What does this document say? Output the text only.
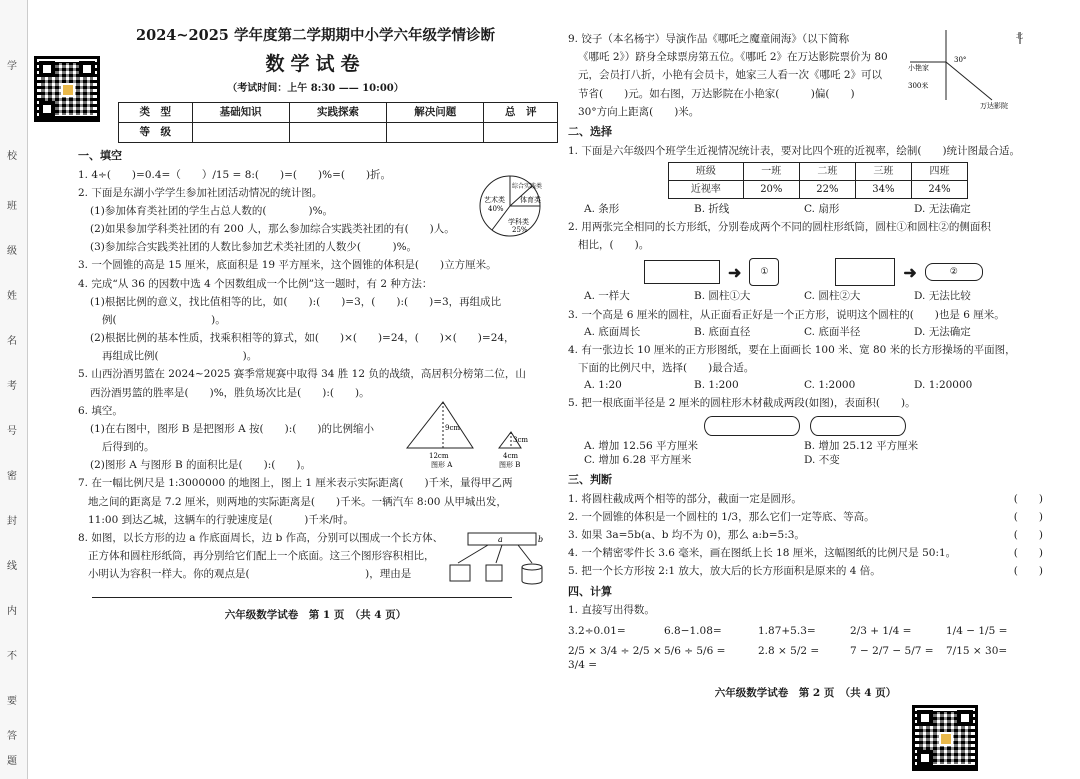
学
校
班
级
姓
名
考
号
密
封
线
内
不
要
答
题
2024~2025 学年度第二学期期中小学六年级学情诊断
数学试卷
（考试时间：上午 8:30 —— 10:00）
类　型	基础知识	实践探索	解决问题	总　评
等　级				
一、填空
1. 4÷(　　)=0.4=（　　）/15 = 8:(　　)=(　　)%=(　　)折。
2. 下面是东湖小学学生参加社团活动情况的统计图。
(1)参加体育类社团的学生占总人数的(　　　　)%。
(2)如果参加学科类社团的有 200 人，那么参加综合实践类社团的有(　　)人。
(3)参加综合实践类社团的人数比参加艺术类社团的人数少(　　　)%。
艺术类
40%
综合实践类
体育类
学科类
25%
3. 一个圆锥的高是 15 厘米，底面积是 19 平方厘米，这个圆锥的体积是(　　)立方厘米。
4. 完成“从 36 的因数中选 4 个因数组成一个比例”这一题时，有 2 种方法：
(1)根据比例的意义，找比值相等的比，如(　　):(　　)=3，(　　):(　　)=3，再组成比
例(　　　　　　　　　)。
(2)根据比例的基本性质，找乘积相等的算式，如(　　)×(　　)=24，(　　)×(　　)=24，
再组成比例(　　　　　　　　)。
5. 山西汾酒男篮在 2024~2025 赛季常规赛中取得 34 胜 12 负的战绩，高居积分榜第二位，山
西汾酒男篮的胜率是(　　)%，胜负场次比是(　　):(　　)。
6. 填空。
(1)在右图中，图形 B 是把图形 A 按(　　):(　　)的比例缩小
后得到的。
(2)图形 A 与图形 B 的面积比是(　　):(　　)。
9cm
12cm
图形 A
3cm
4cm
图形 B
7. 在一幅比例尺是 1:3000000 的地图上，图上 1 厘米表示实际距离(　　)千米，量得甲乙两
地之间的距离是 7.2 厘米，则两地的实际距离是(　　)千米。一辆汽车 8:00 从甲城出发，
11:00 到达乙城，这辆车的行驶速度是(　　　)千米/时。
8. 如图，以长方形的边 a 作底面周长，边 b 作高，分别可以围成一个长方体、
正方体和圆柱形纸筒，再分别给它们配上一个底面。这三个图形容积相比，
小明认为容积一样大。你的观点是(　　　　　　　　　　　)，理由是
a	b
六年级数学试卷　第 1 页　（共 4 页）
9. 饺子（本名杨宇）导演作品《哪吒之魔童闹海》（以下简称
《哪吒 2》）跻身全球票房第五位。《哪吒 2》在万达影院票价为 80
元，会员打八折，小艳有会员卡，她家三人看一次《哪吒 2》可以
节省(　　)元。如右图，万达影院在小艳家(　　　)偏(　　)
30°方向上距离(　　)米。
北
小艳家
30°
300米
万达影院
二、选择
1. 下面是六年级四个班学生近视情况统计表，要对比四个班的近视率，绘制(　　)统计图最合适。
班级	一班	二班	三班	四班
近视率	20%	22%	34%	24%
A. 条形	B. 折线	C. 扇形	D. 无法确定
2. 用两张完全相同的长方形纸，分别卷成两个不同的圆柱形纸筒，圆柱①和圆柱②的侧面积
相比，(　　)。
➜	①	➜	②
A. 一样大	B. 圆柱①大	C. 圆柱②大	D. 无法比较
3. 一个高是 6 厘米的圆柱，从正面看正好是一个正方形，说明这个圆柱的(　　)也是 6 厘米。
A. 底面周长	B. 底面直径	C. 底面半径	D. 无法确定
4. 有一张边长 10 厘米的正方形图纸，要在上面画长 100 米、宽 80 米的长方形操场的平面图，
下面的比例尺中，选择(　　)最合适。
A. 1:20	B. 1:200	C. 1:2000	D. 1:20000
5. 把一根底面半径是 2 厘米的圆柱形木材截成两段(如图)，表面积(　　)。
A. 增加 12.56 平方厘米	B. 增加 25.12 平方厘米
C. 增加 6.28 平方厘米	D. 不变
三、判断
1. 将圆柱截成两个相等的部分，截面一定是圆形。	(　　)
2. 一个圆锥的体积是一个圆柱的 1/3，那么它们一定等底、等高。	(　　)
3. 如果 3a=5b(a、b 均不为 0)，那么 a:b=5:3。	(　　)
4. 一个精密零件长 3.6 毫米，画在图纸上长 18 厘米，这幅图纸的比例尺是 50:1。	(　　)
5. 把一个长方形按 2:1 放大，放大后的长方形面积是原来的 4 倍。	(　　)
四、计算
1. 直接写出得数。
3.2÷0.01=	6.8−1.08=	1.87+5.3=	2/3 + 1/4 =	1/4 − 1/5 =
2/5 × 3/4 ÷ 2/5 × 3/4 =
5/6 ÷ 5/6 =	2.8 × 5/2 =	7 − 2/7 − 5/7 =	7/15 × 30=
六年级数学试卷　第 2 页　（共 4 页）
